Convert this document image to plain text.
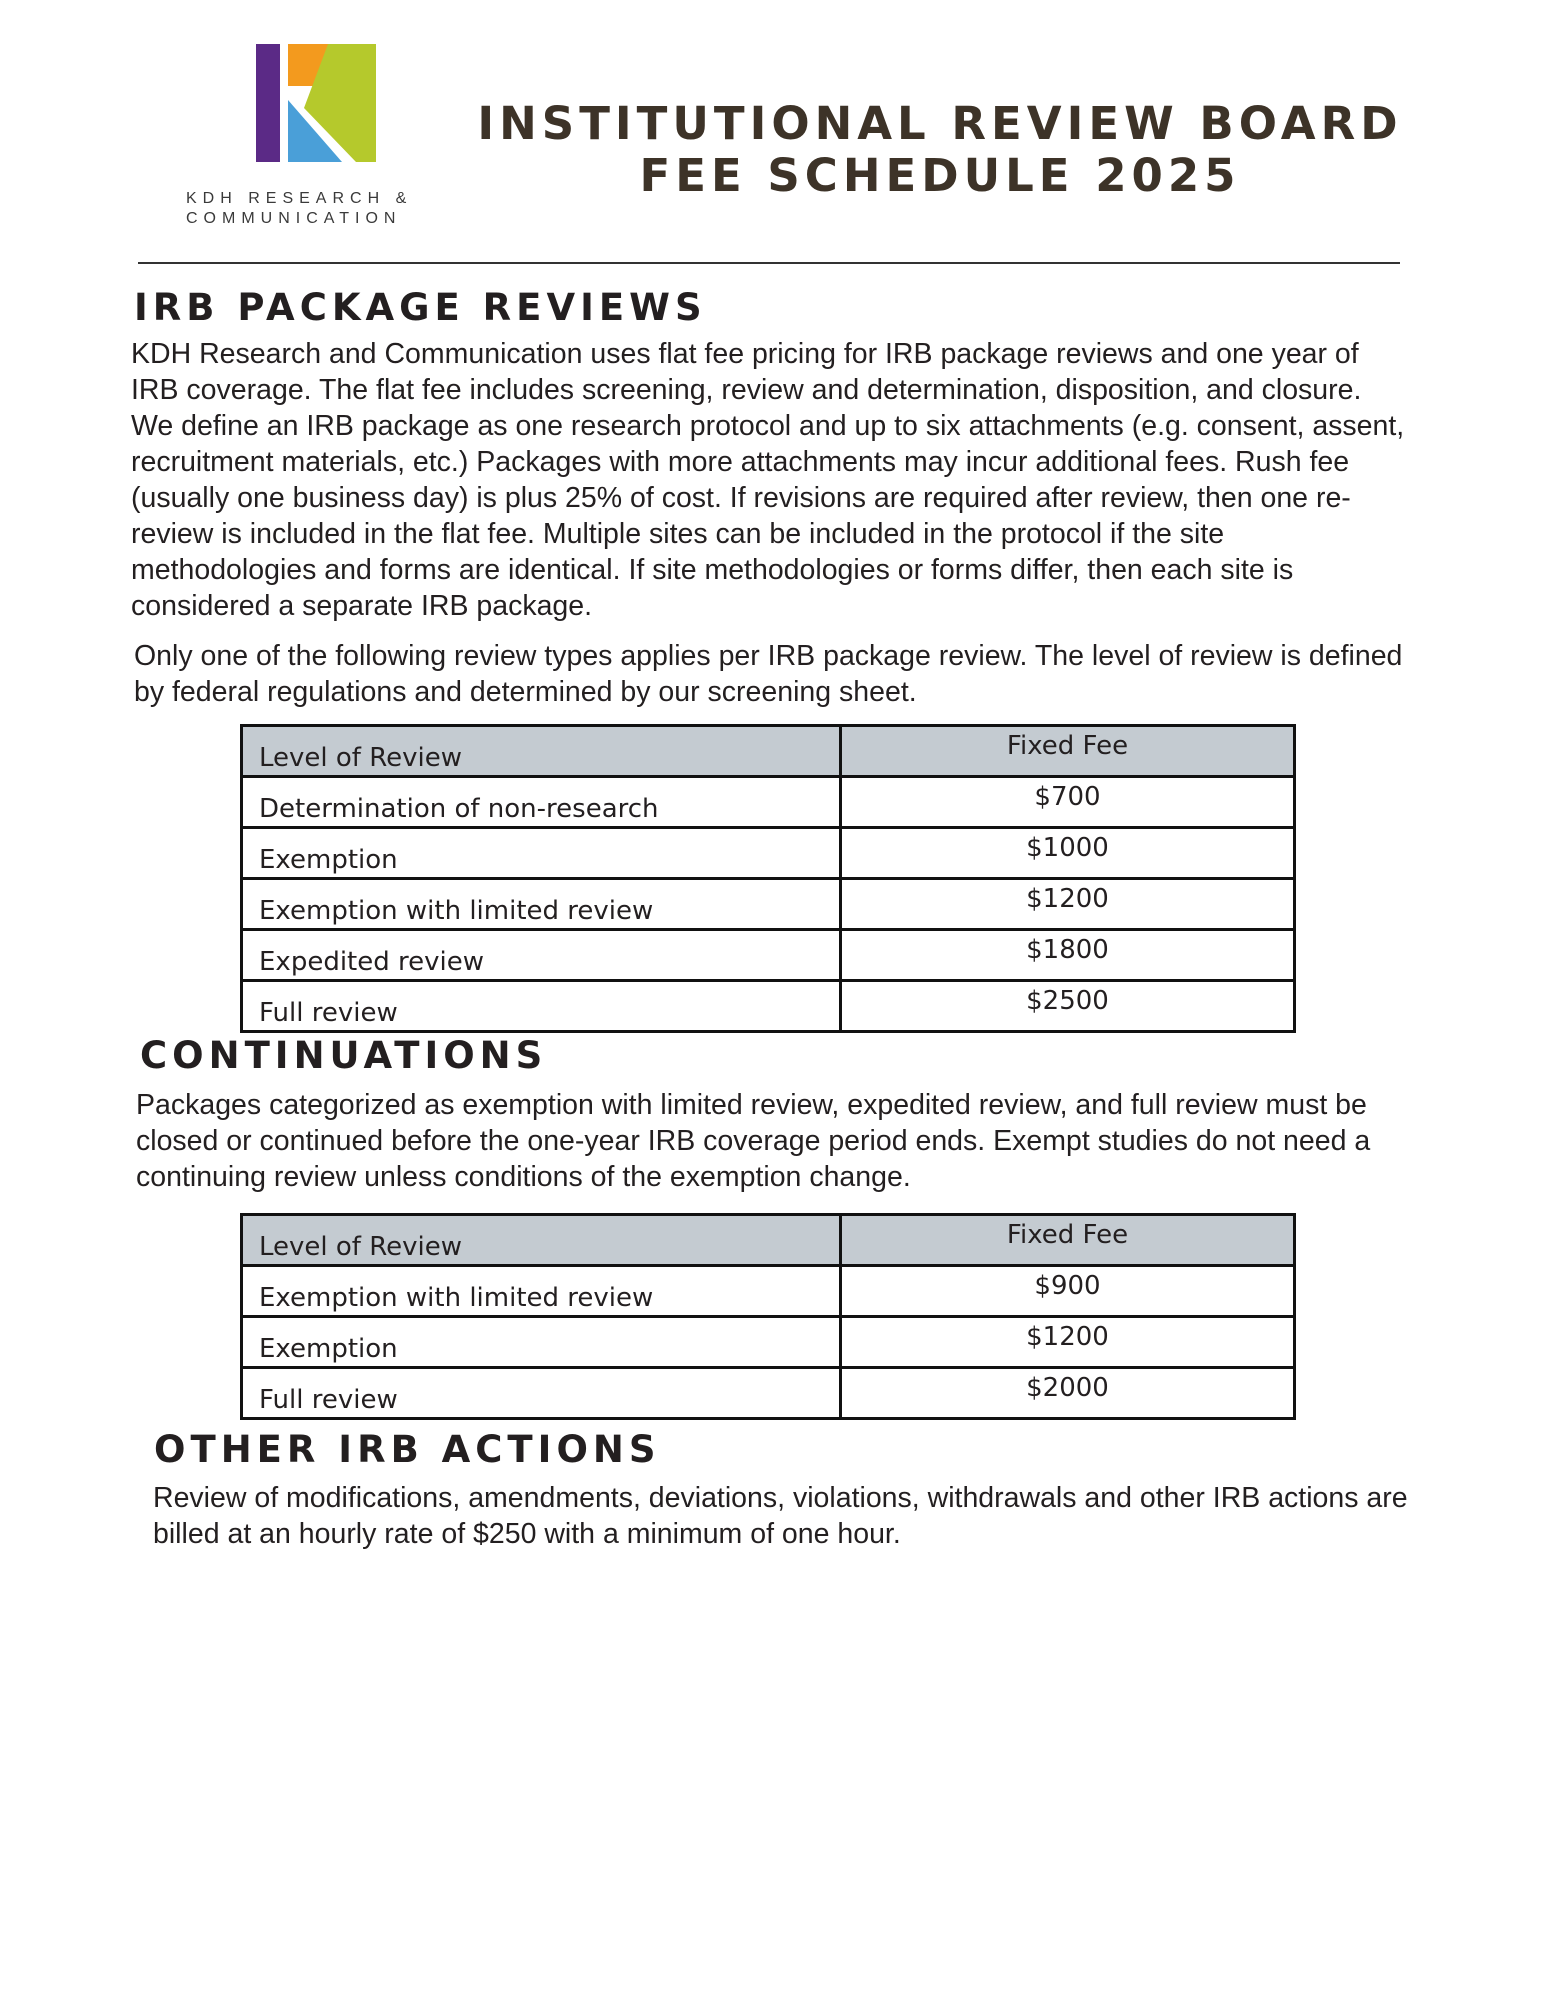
KDH RESEARCH &
COMMUNICATION
INSTITUTIONAL REVIEW BOARD
FEE SCHEDULE 2025
IRB PACKAGE REVIEWS

KDH Research and Communication uses flat fee pricing for IRB package reviews and one year of IRB coverage. The flat fee includes screening, review and determination, disposition, and closure. We define an IRB package as one research protocol and up to six attachments (e.g. consent, assent, recruitment materials, etc.) Packages with more attachments may incur additional fees. Rush fee (usually one business day) is plus 25% of cost. If revisions are required after review, then one re-review is included in the flat fee. Multiple sites can be included in the protocol if the site methodologies and forms are identical. If site methodologies or forms differ, then each site is considered a separate IRB package.

Only one of the following review types applies per IRB package review. The level of review is defined by federal regulations and determined by our screening sheet.

Level of Review	Fixed Fee
Determination of non-research	$700
Exemption	$1000
Exemption with limited review	$1200
Expedited review	$1800
Full review	$2500
CONTINUATIONS

Packages categorized as exemption with limited review, expedited review, and full review must be closed or continued before the one-year IRB coverage period ends. Exempt studies do not need a continuing review unless conditions of the exemption change.

Level of Review	Fixed Fee
Exemption with limited review	$900
Exemption	$1200
Full review	$2000
OTHER IRB ACTIONS

Review of modifications, amendments, deviations, violations, withdrawals and other IRB actions are billed at an hourly rate of $250 with a minimum of one hour.
